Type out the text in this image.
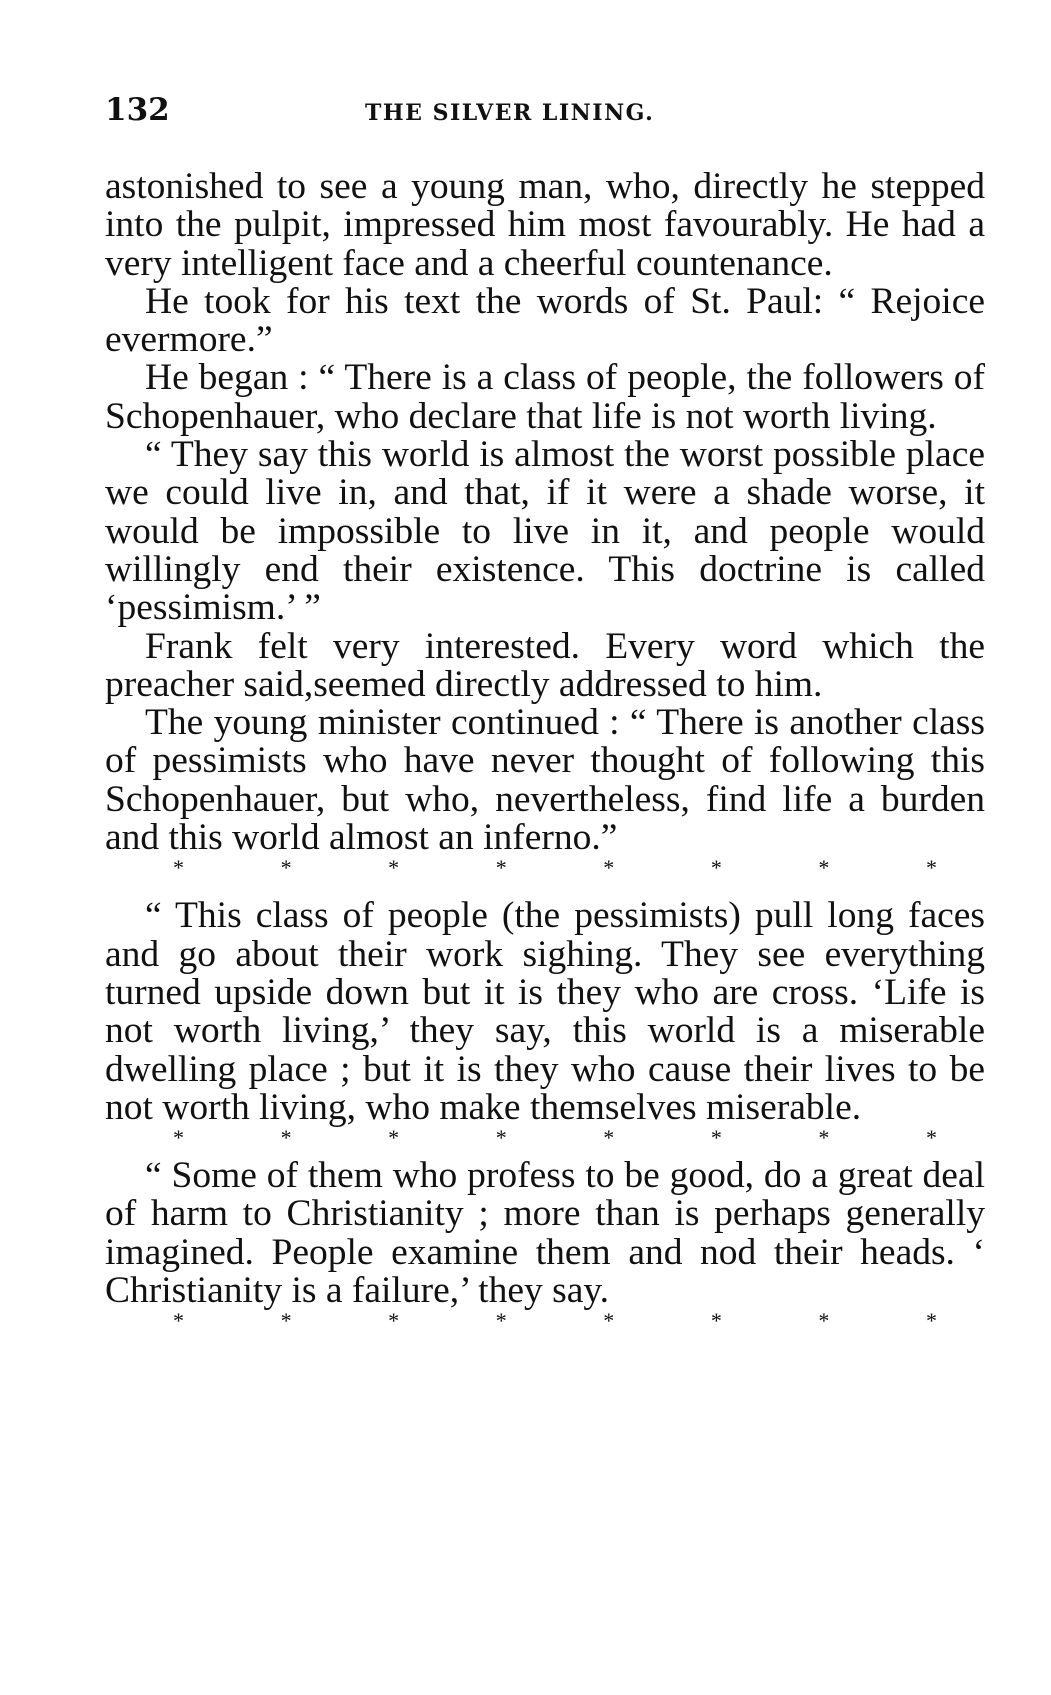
132	THE SILVER LINING.

astonished to see a young man, who, directly he stepped into the pulpit, impressed him most favourably. He had a very intelligent face and a cheerful countenance.

He took for his text the words of St. Paul: “ Rejoice evermore.”

He began : “ There is a class of people, the followers of Schopenhauer, who declare that life is not worth living.

“ They say this world is almost the worst possible place we could live in, and that, if it were a shade worse, it would be impossible to live in it, and people would willingly end their existence. This doctrine is called ‘pessimism.’ ”

Frank felt very interested. Every word which the preacher said,seemed directly addressed to him.

The young minister continued : “ There is another class of pessimists who have never thought of following this Schopenhauer, but who, nevertheless, find life a burden and this world almost an inferno.”

*	*	*	*	*	*	*	*

“ This class of people (the pessimists) pull long faces and go about their work sighing. They see everything turned upside down but it is they who are cross. ‘Life is not worth living,’ they say, this world is a miserable dwelling place ; but it is they who cause their lives to be not worth living, who make themselves miserable.

*	*	*	*	*	*	*	*

“ Some of them who profess to be good, do a great deal of harm to Christianity ; more than is perhaps generally imagined. People examine them and nod their heads. ‘ Christianity is a failure,’ they say.

*	*	*	*	*	*	*	*
